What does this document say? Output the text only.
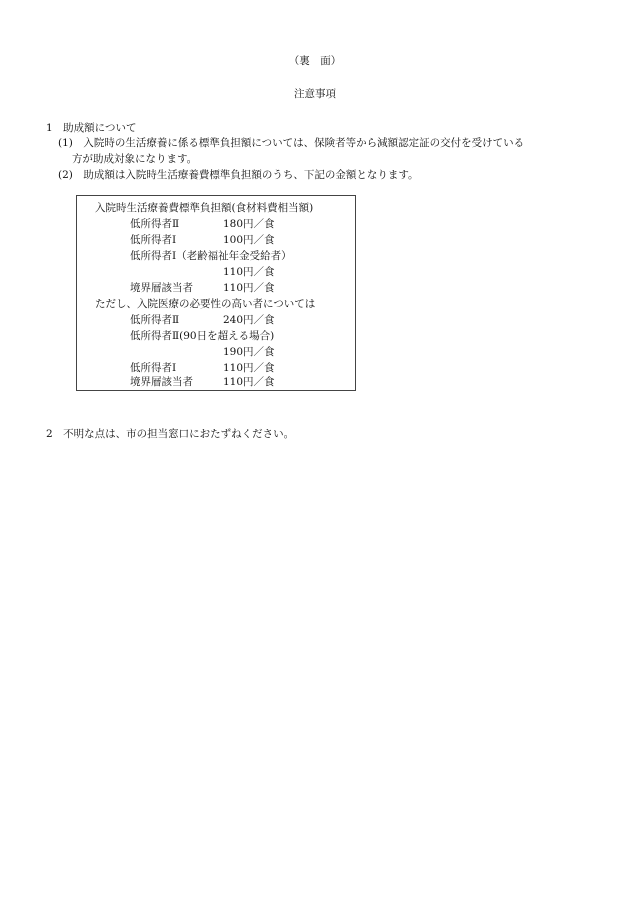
（裏　面）
注意事項
1　助成額について
(1)　入院時の生活療養に係る標準負担額については、保険者等から減額認定証の交付を受けている
方が助成対象になります。
(2)　助成額は入院時生活療養費標準負担額のうち、下記の金額となります。
入院時生活療養費標準負担額(食材料費相当額)
低所得者Ⅱ	180円／食
低所得者Ⅰ	100円／食
低所得者Ⅰ（老齢福祉年金受給者）
110円／食
境界層該当者	110円／食
ただし、入院医療の必要性の高い者については
低所得者Ⅱ	240円／食
低所得者Ⅱ(90日を超える場合)
190円／食
低所得者Ⅰ	110円／食
境界層該当者	110円／食
2　不明な点は、市の担当窓口におたずねください。
